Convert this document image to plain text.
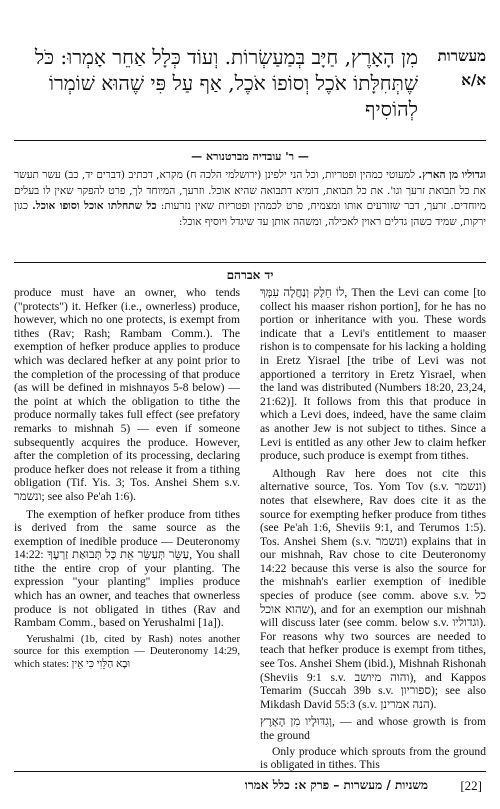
מעשרות א/א
מִן הָאָרֶץ, חַיָּב בְּמַעַשְׂרוֹת. וְעוֹד כְּלָל אַחֵר אָמְרוּ: כֹּל שֶׁתְּחִלָּתוֹ אֹכֶל וְסוֹפוֹ אֹכֶל, אַף עַל פִּי שֶׁהוּא שׁוֹמְרוֹ לְהוֹסִיף
— ר' עובדיה מברטנורא —
וגדוליו מן הארץ. למעוטי כמהין ופטריות, וכל הני ילפינן (ירושלמי הלכה ח) מקרא, דכתיב (דברים יד, כב) עשר תעשר את כל תבואת זרעך וגו'. את כל תבואת, דומיא דתבואה שהיא אוכל. וזרעך, המיוחד לך, פרט להפקר שאין לו בעלים מיוחדים. זרעך, דבר שזורעים אותו ומצמיח, פרט לכמהין ופטריות שאין נזרעות: כל שתחלתו אוכל וסופו אוכל. כגון ירקות, שמיד כשהן גדלים ראוין לאכילה, ומשהה אותן עד שיגדל ויוסיף אוכל:
יד אברהם

produce must have an owner, who tends ("protects") it. Hefker (i.e., ownerless) produce, however, which no one protects, is exempt from tithes (Rav; Rash; Rambam Comm.). The exemption of hefker produce applies to produce which was declared hefker at any point prior to the completion of the processing of that produce (as will be defined in mishnayos 5-8 below) — the point at which the obligation to tithe the produce normally takes full effect (see prefatory remarks to mishnah 5) — even if someone subsequently acquires the produce. However, after the completion of its processing, declaring produce hefker does not release it from a tithing obligation (Tif. Yis. 3; Tos. Anshei Shem s.v. ונשמר; see also Pe'ah 1:6).

The exemption of hefker produce from tithes is derived from the same source as the exemption of inedible produce — Deuteronomy 14:22: עַשֵּׂר תְּעַשֵּׂר אֵת כָּל תְּבוּאַת זַרְעֶךָ, You shall tithe the entire crop of your planting. The expression "your planting" implies produce which has an owner, and teaches that ownerless produce is not obligated in tithes (Rav and Rambam Comm., based on Yerushalmi [1a]).

Yerushalmi (1b, cited by Rash) notes another source for this exemption — Deuteronomy 14:29, which states: וּבָא הַלֵּוִי כִּי אֵין

לוֹ חֵלֶק וְנַחֲלָה עִמָּךְ, Then the Levi can come [to collect his maaser rishon portion], for he has no portion or inheritance with you. These words indicate that a Levi's entitlement to maaser rishon is to compensate for his lacking a holding in Eretz Yisrael [the tribe of Levi was not apportioned a territory in Eretz Yisrael, when the land was distributed (Numbers 18:20, 23,24, 21:62)]. It follows from this that produce in which a Levi does, indeed, have the same claim as another Jew is not subject to tithes. Since a Levi is entitled as any other Jew to claim hefker produce, such produce is exempt from tithes.

Although Rav here does not cite this alternative source, Tos. Yom Tov (s.v. ונשמר) notes that elsewhere, Rav does cite it as the source for exempting hefker produce from tithes (see Pe'ah 1:6, Sheviis 9:1, and Terumos 1:5). Tos. Anshei Shem (s.v. ונשמר) explains that in our mishnah, Rav chose to cite Deuteronomy 14:22 because this verse is also the source for the mishnah's earlier exemption of inedible species of produce (see comm. above s.v. כל שהוא אוכל), and for an exemption our mishnah will discuss later (see comm. below s.v. וגדוליו). For reasons why two sources are needed to teach that hefker produce is exempt from tithes, see Tos. Anshei Shem (ibid.), Mishnah Rishonah (Sheviis 9:1 s.v. והוה מיושב), and Kappos Temarim (Succah 39b s.v. ספוריון); see also Mikdash David 55:3 (s.v. הנה אמרינן).

וְגִדּוּלָיו מִן הָאָרֶץ, — and whose growth is from the ground

Only produce which sprouts from the ground is obligated in tithes. This

משניות / מעשרות – פרק א: כלל אמרו [22]
